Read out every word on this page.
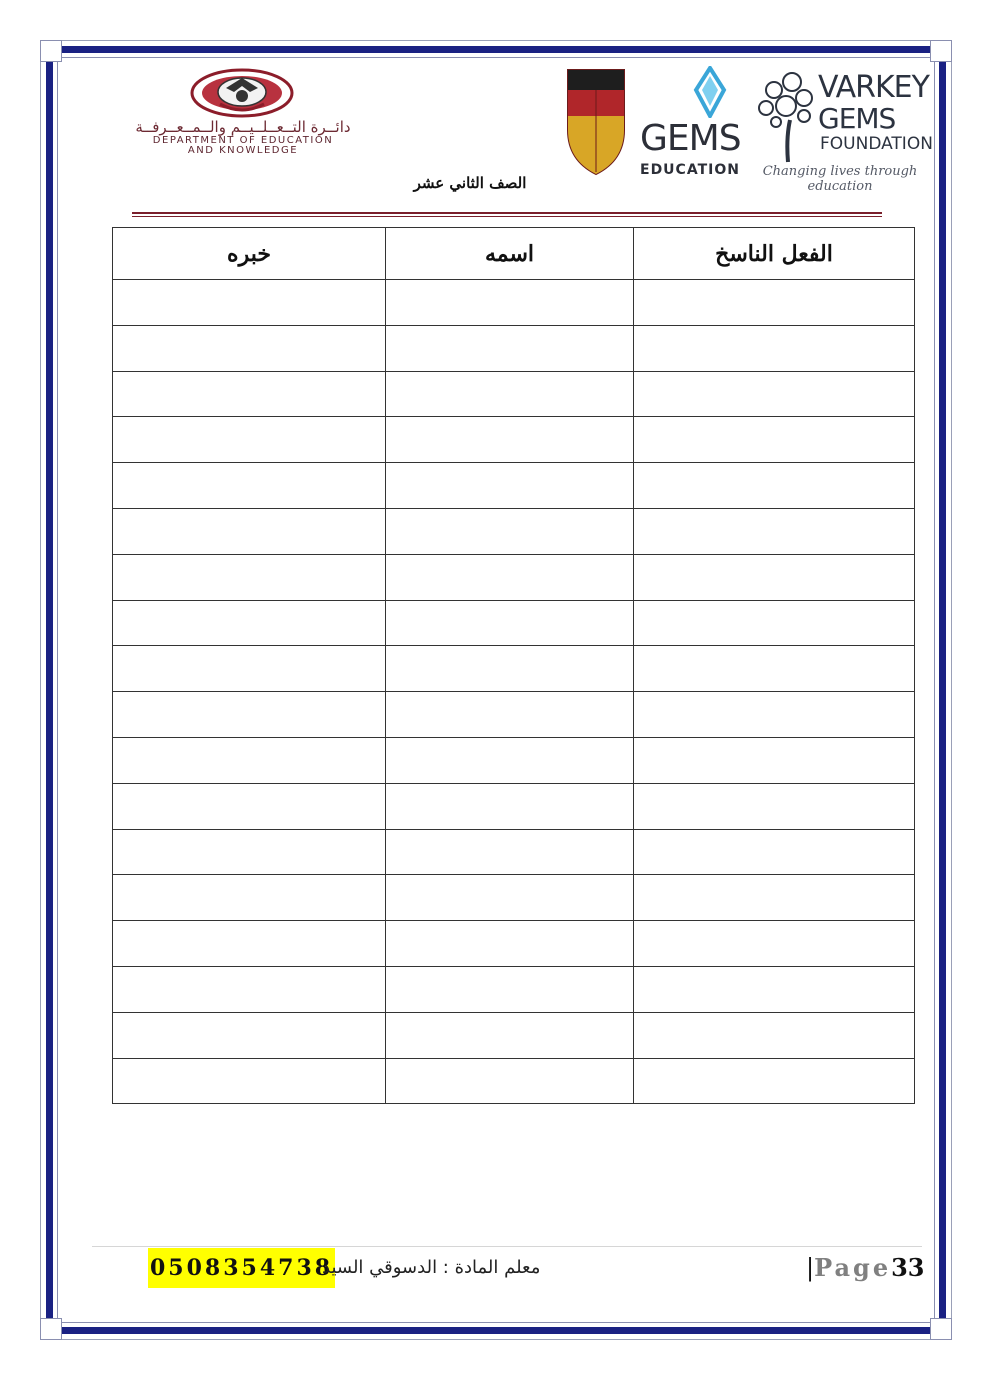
دائــرة التــعــلــيــم والــمــعــرفــة
DEPARTMENT OF EDUCATION
AND KNOWLEDGE	GEMS
EDUCATION
VARKEY
GEMS
FOUNDATION
Changing lives through education
الصف الثاني عشر
الفعل الناسخ	اسمه	خبره

0508354738
معلم المادة : الدسوقي السيد	|Page33
